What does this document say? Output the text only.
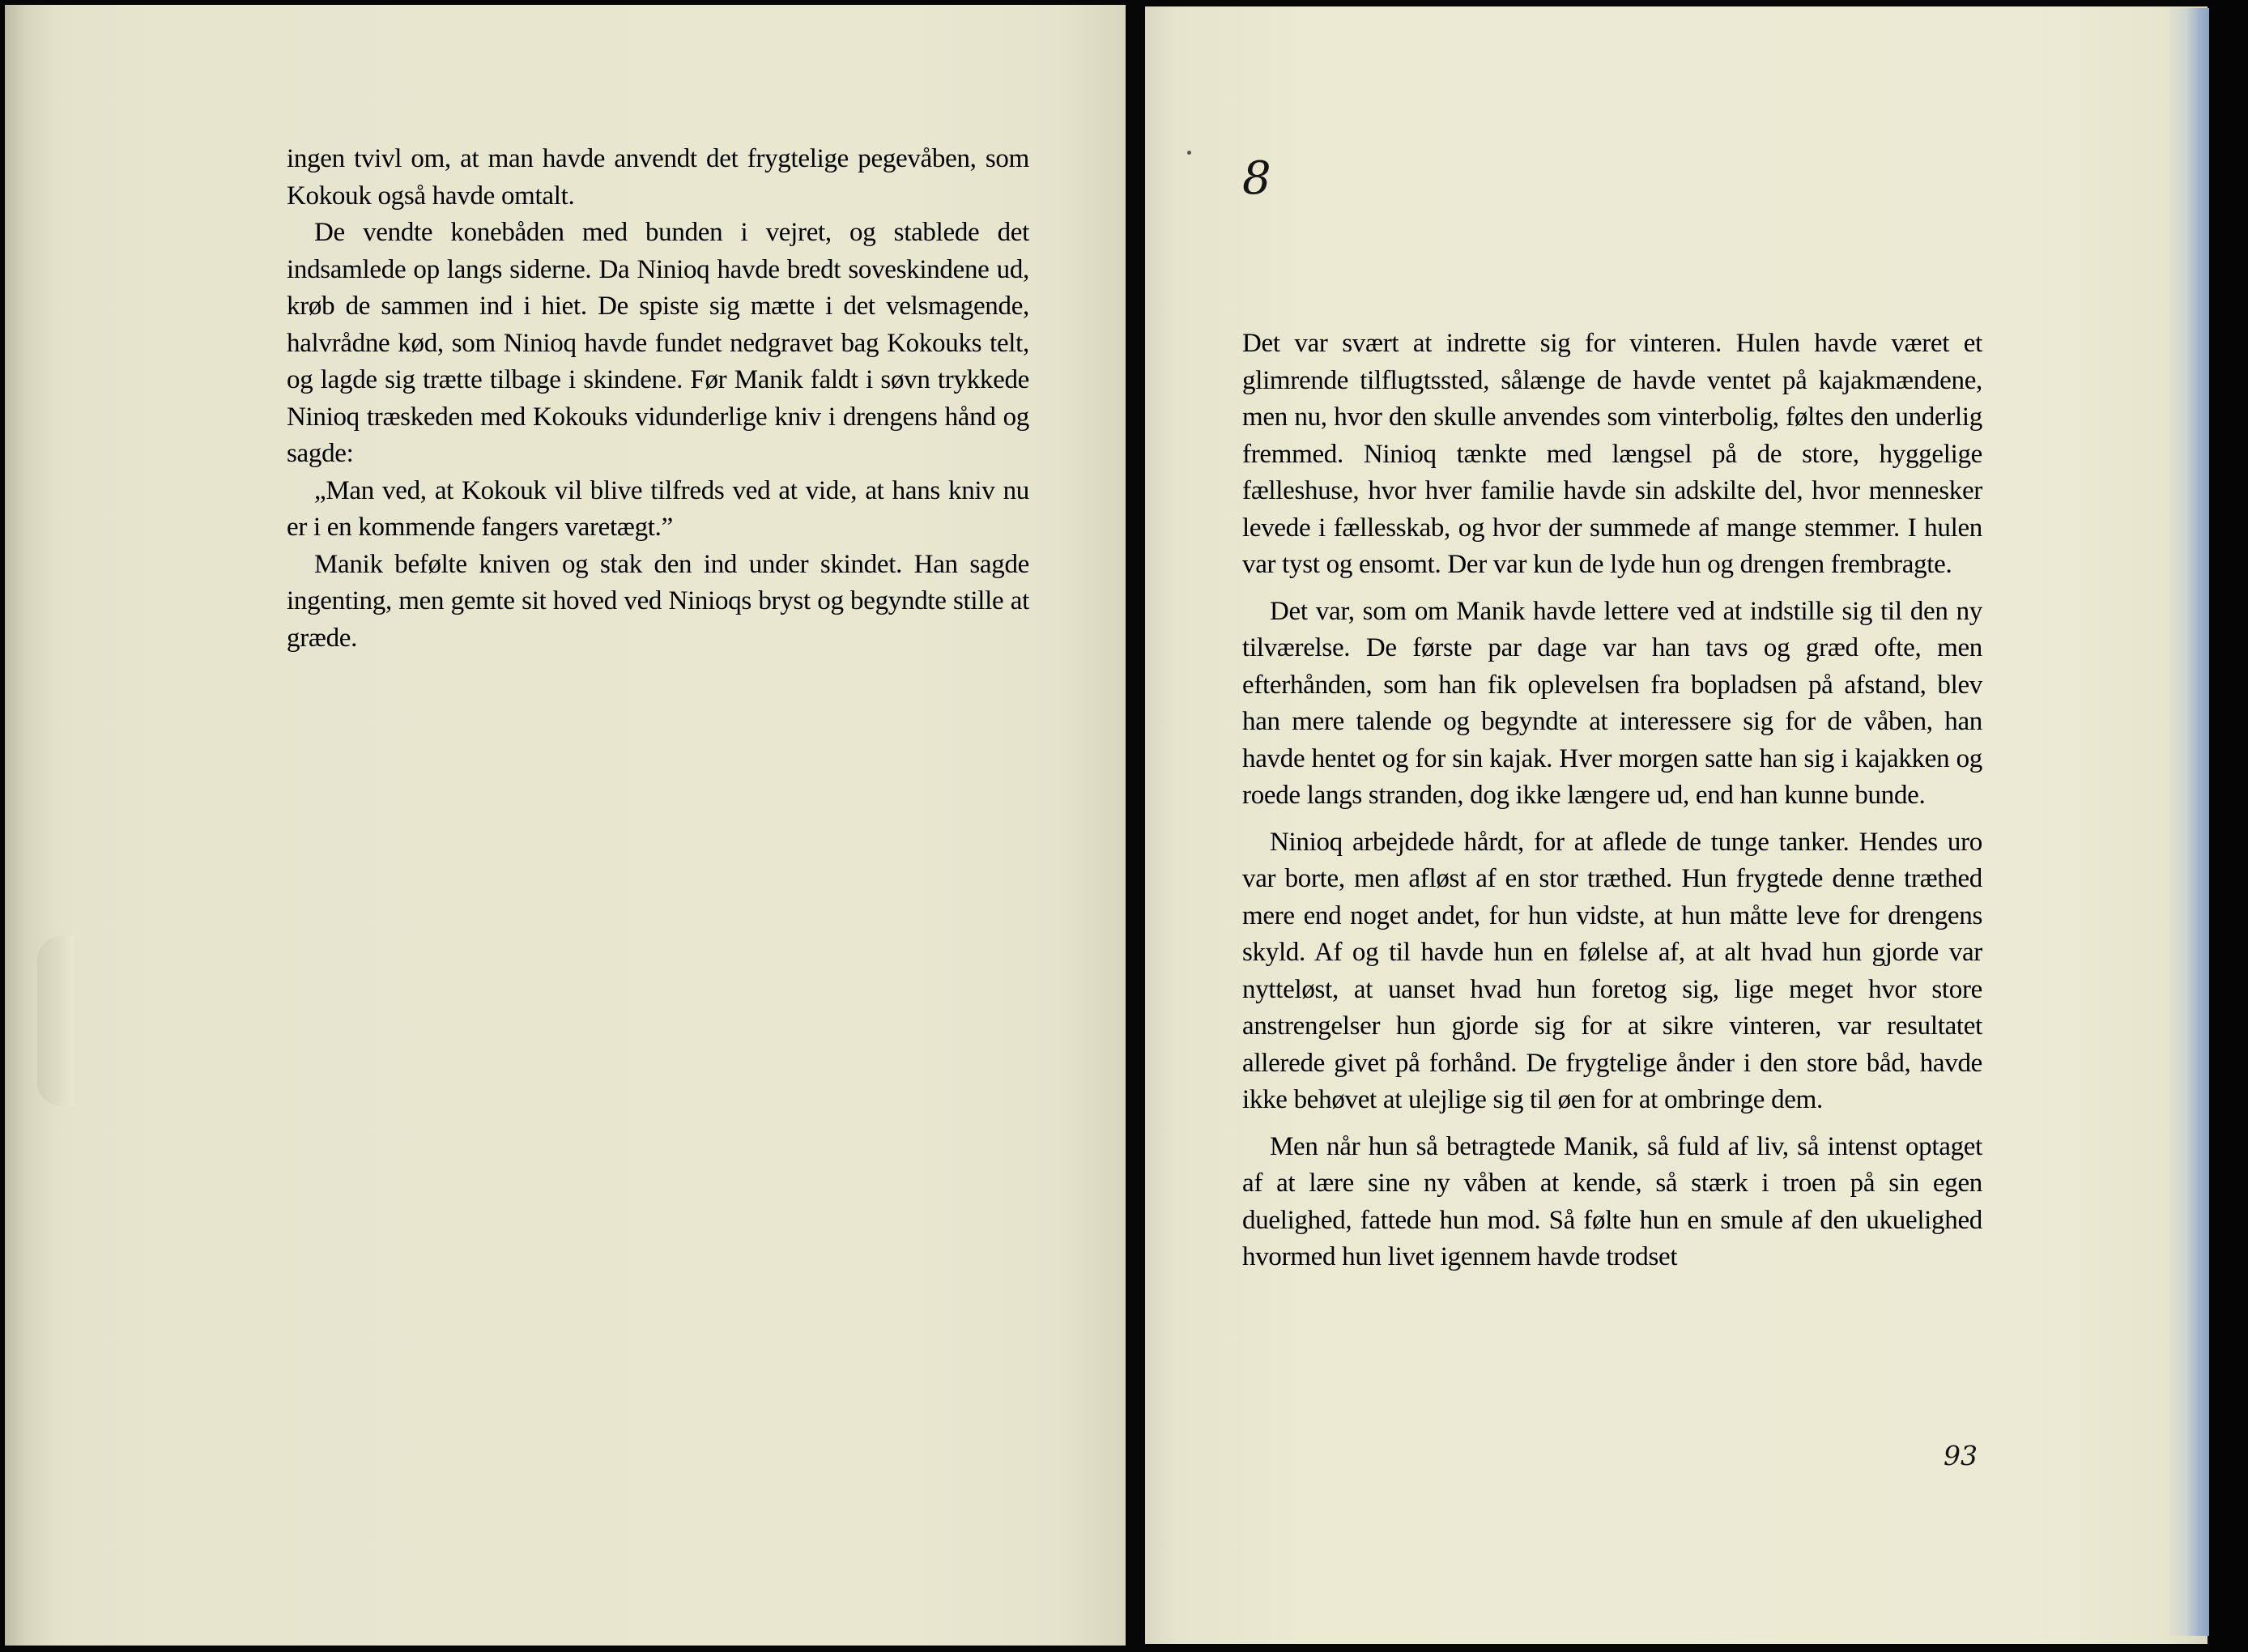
ingen tvivl om, at man havde anvendt det frygtelige pegevåben, som Kokouk også havde omtalt.

De vendte konebåden med bunden i vejret, og stablede det indsamlede op langs siderne. Da Ninioq havde bredt soveskindene ud, krøb de sammen ind i hiet. De spiste sig mætte i det velsmagende, halvrådne kød, som Ninioq havde fundet nedgravet bag Kokouks telt, og lagde sig trætte tilbage i skindene. Før Manik faldt i søvn trykkede Ninioq træskeden med Kokouks vidunderlige kniv i drengens hånd og sagde:

„Man ved, at Kokouk vil blive tilfreds ved at vide, at hans kniv nu er i en kommende fangers varetægt.”

Manik befølte kniven og stak den ind under skindet. Han sagde ingenting, men gemte sit hoved ved Ninioqs bryst og begyndte stille at græde.

8

Det var svært at indrette sig for vinteren. Hulen havde været et glimrende tilflugtssted, sålænge de havde ventet på kajakmændene, men nu, hvor den skulle anvendes som vinterbolig, føltes den underlig fremmed. Ninioq tænkte med længsel på de store, hyggelige fælleshuse, hvor hver familie havde sin adskilte del, hvor mennesker levede i fællesskab, og hvor der summede af mange stemmer. I hulen var tyst og ensomt. Der var kun de lyde hun og drengen frembragte.

Det var, som om Manik havde lettere ved at indstille sig til den ny tilværelse. De første par dage var han tavs og græd ofte, men efterhånden, som han fik oplevelsen fra bopladsen på afstand, blev han mere talende og begyndte at interessere sig for de våben, han havde hentet og for sin kajak. Hver morgen satte han sig i kajakken og roede langs stranden, dog ikke længere ud, end han kunne bunde.

Ninioq arbejdede hårdt, for at aflede de tunge tanker. Hendes uro var borte, men afløst af en stor træthed. Hun frygtede denne træthed mere end noget andet, for hun vidste, at hun måtte leve for drengens skyld. Af og til havde hun en følelse af, at alt hvad hun gjorde var nytteløst, at uanset hvad hun foretog sig, lige meget hvor store anstrengelser hun gjorde sig for at sikre vinteren, var resultatet allerede givet på forhånd. De frygtelige ånder i den store båd, havde ikke behøvet at ulejlige sig til øen for at ombringe dem.

Men når hun så betragtede Manik, så fuld af liv, så intenst optaget af at lære sine ny våben at kende, så stærk i troen på sin egen duelighed, fattede hun mod. Så følte hun en smule af den ukuelighed hvormed hun livet igennem havde trodset

93
